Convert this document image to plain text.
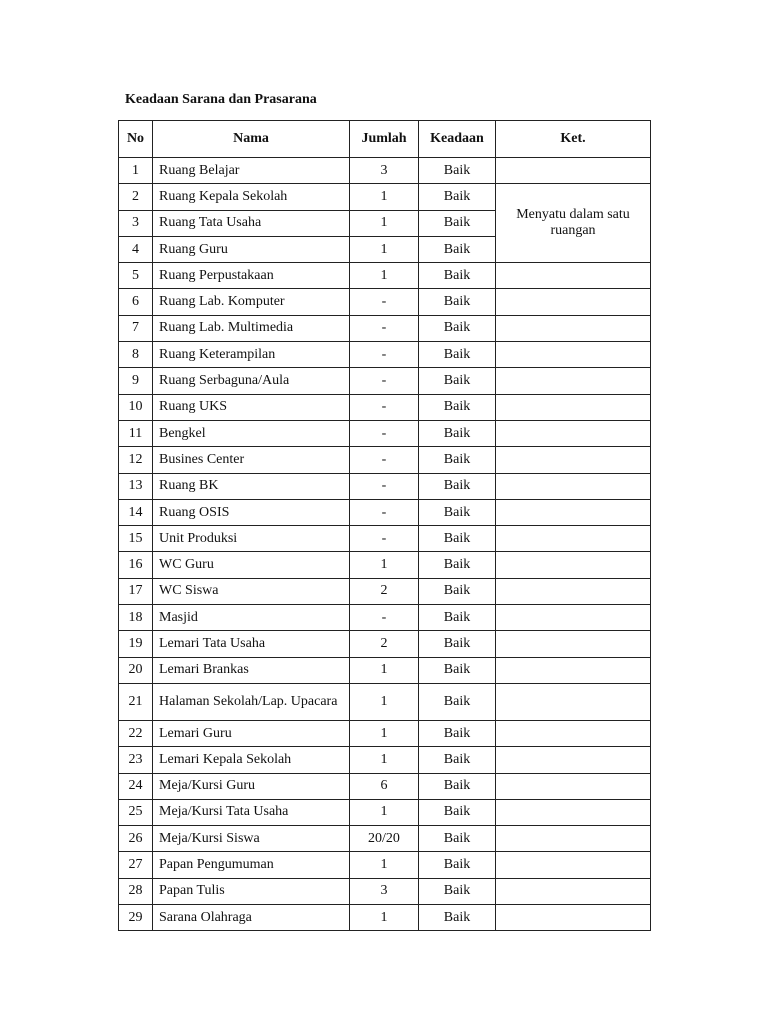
Keadaan Sarana dan Prasarana
No	Nama	Jumlah	Keadaan	Ket.
1	Ruang Belajar	3	Baik	
2	Ruang Kepala Sekolah	1	Baik	Menyatu dalam satu ruangan
3	Ruang Tata Usaha	1	Baik	
4	Ruang Guru	1	Baik	
5	Ruang Perpustakaan	1	Baik	
6	Ruang Lab. Komputer	-	Baik	
7	Ruang Lab. Multimedia	-	Baik	
8	Ruang Keterampilan	-	Baik	
9	Ruang Serbaguna/Aula	-	Baik	
10	Ruang UKS	-	Baik	
11	Bengkel	-	Baik	
12	Busines Center	-	Baik	
13	Ruang BK	-	Baik	
14	Ruang OSIS	-	Baik	
15	Unit Produksi	-	Baik	
16	WC Guru	1	Baik	
17	WC Siswa	2	Baik	
18	Masjid	-	Baik	
19	Lemari Tata Usaha	2	Baik	
20	Lemari Brankas	1	Baik	
21	Halaman Sekolah/Lap. Upacara	1	Baik	
22	Lemari Guru	1	Baik	
23	Lemari Kepala Sekolah	1	Baik	
24	Meja/Kursi Guru	6	Baik	
25	Meja/Kursi Tata Usaha	1	Baik	
26	Meja/Kursi Siswa	20/20	Baik	
27	Papan Pengumuman	1	Baik	
28	Papan Tulis	3	Baik	
29	Sarana Olahraga	1	Baik	
